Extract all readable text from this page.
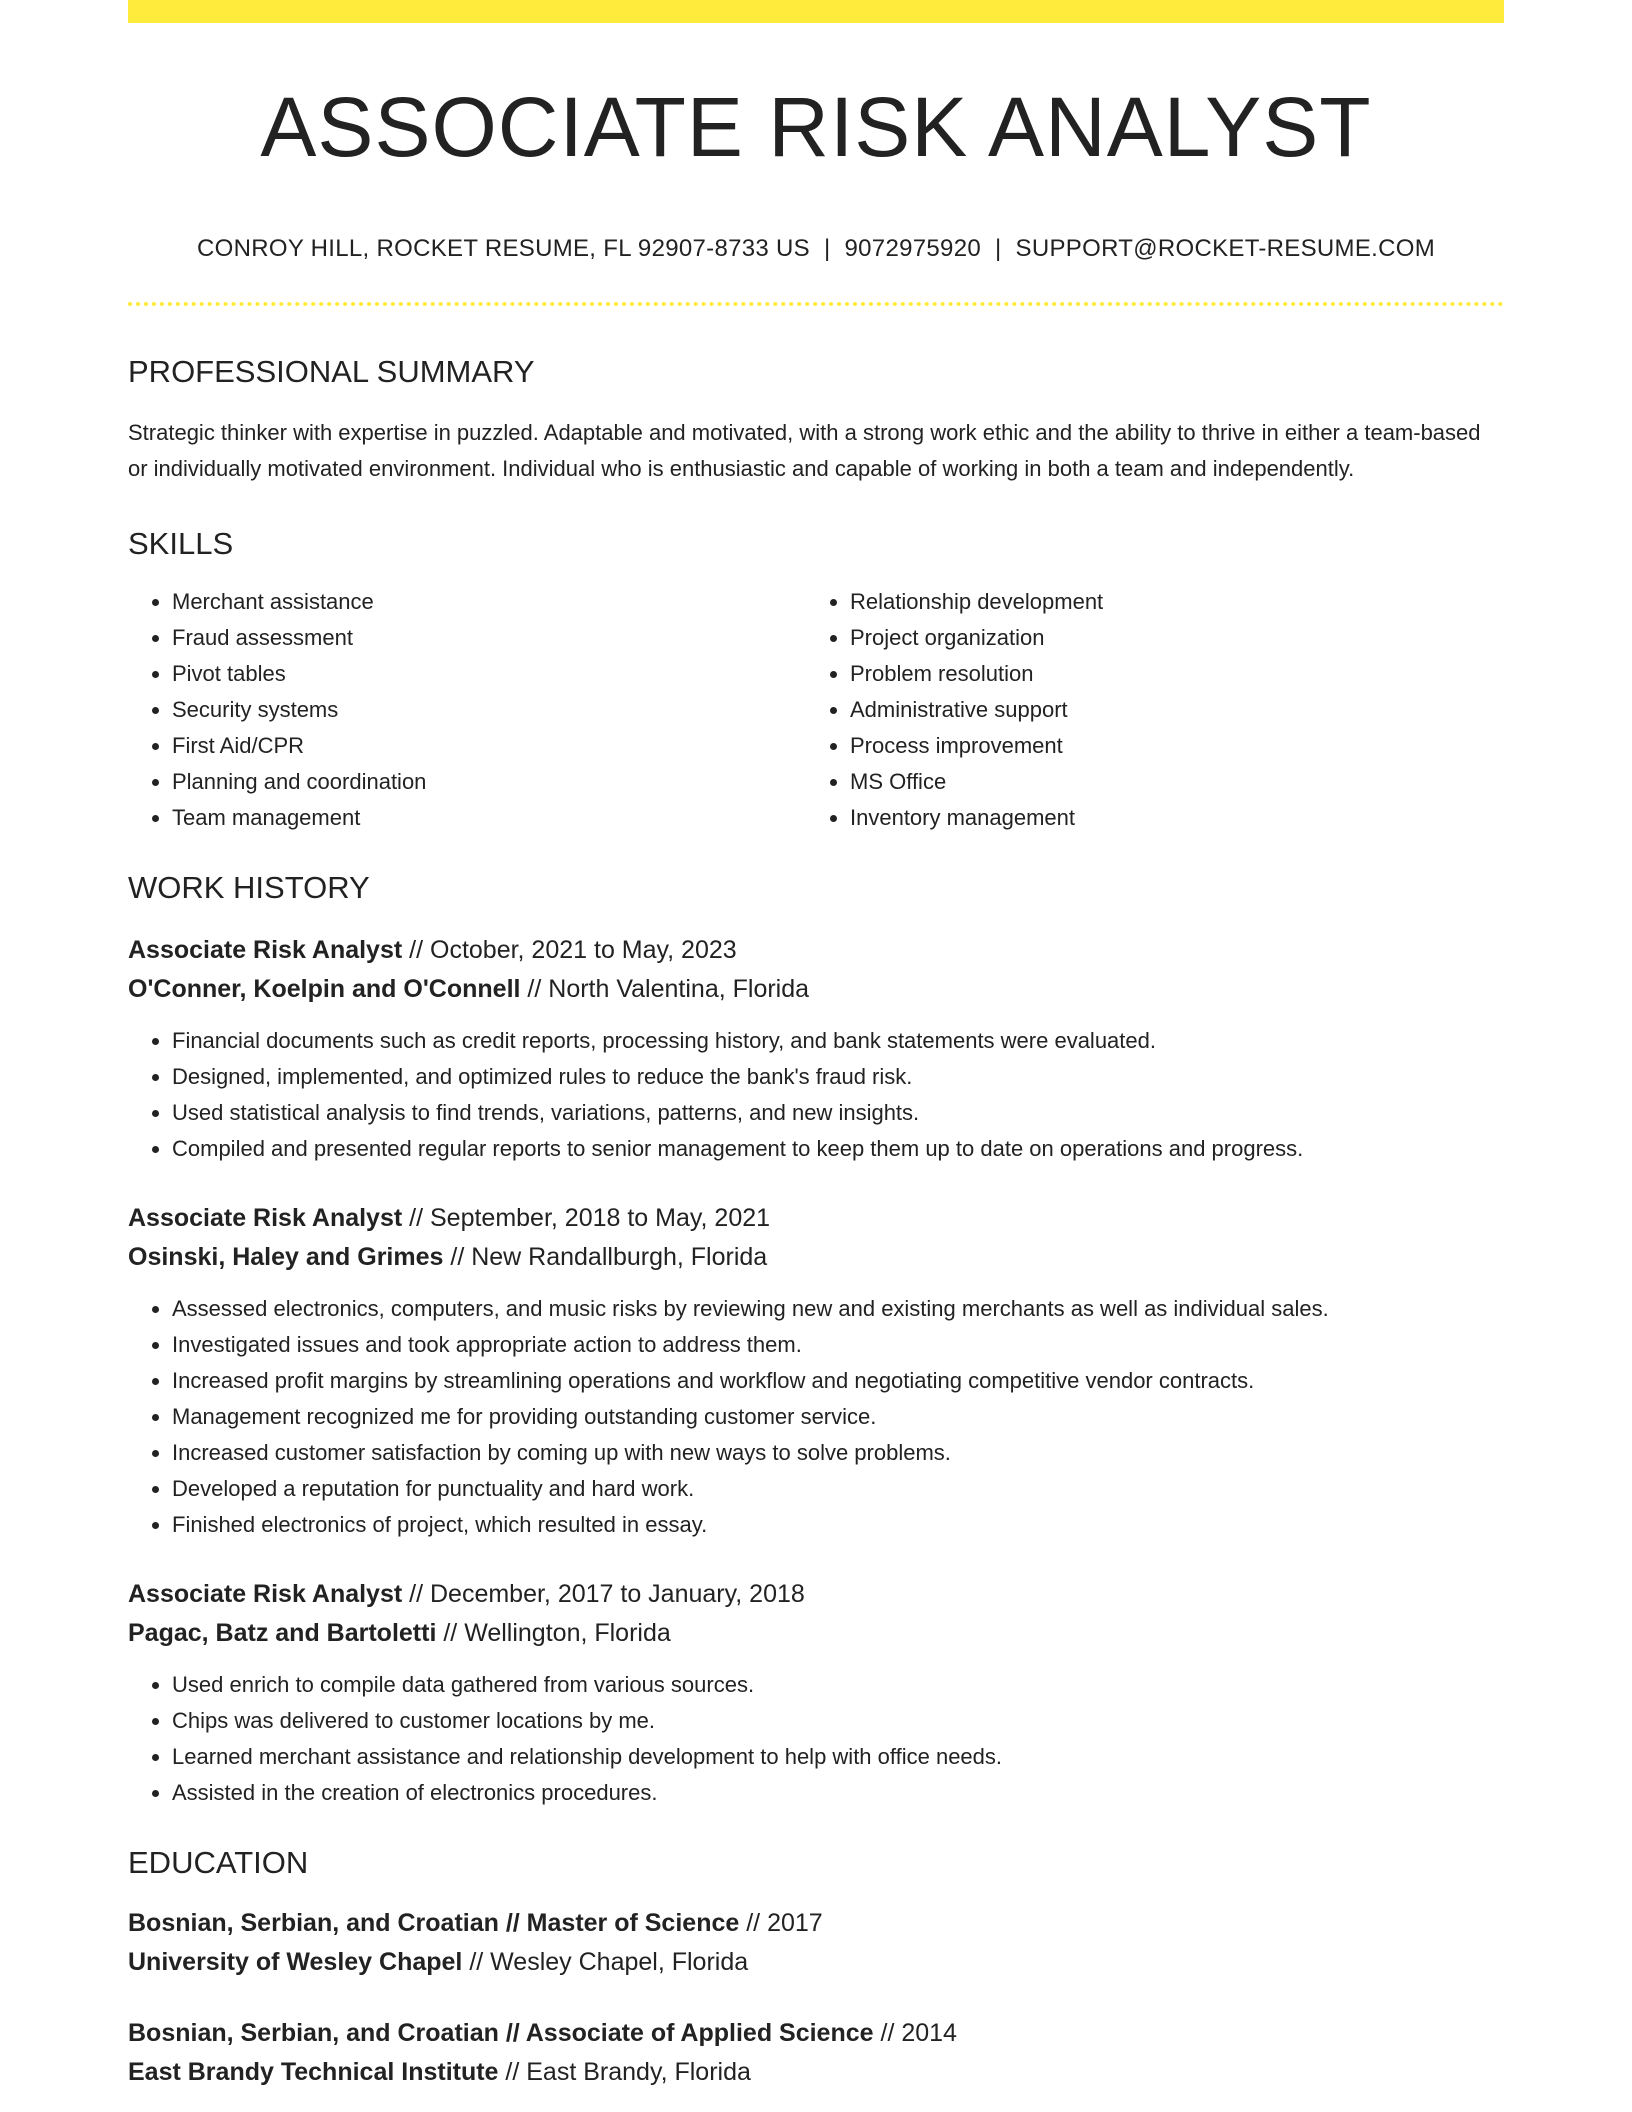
ASSOCIATE RISK ANALYST
CONROY HILL, ROCKET RESUME, FL 92907-8733 US | 9072975920 | SUPPORT@ROCKET-RESUME.COM
PROFESSIONAL SUMMARY
Strategic thinker with expertise in puzzled. Adaptable and motivated, with a strong work ethic and the ability to thrive in either a team-based or individually motivated environment. Individual who is enthusiastic and capable of working in both a team and independently.
SKILLS
• Merchant assistance
• Fraud assessment
• Pivot tables
• Security systems
• First Aid/CPR
• Planning and coordination
• Team management
• Relationship development
• Project organization
• Problem resolution
• Administrative support
• Process improvement
• MS Office
• Inventory management
WORK HISTORY
Associate Risk Analyst // October, 2021 to May, 2023
O'Conner, Koelpin and O'Connell // North Valentina, Florida
• Financial documents such as credit reports, processing history, and bank statements were evaluated.
• Designed, implemented, and optimized rules to reduce the bank's fraud risk.
• Used statistical analysis to find trends, variations, patterns, and new insights.
• Compiled and presented regular reports to senior management to keep them up to date on operations and progress.
Associate Risk Analyst // September, 2018 to May, 2021
Osinski, Haley and Grimes // New Randallburgh, Florida
• Assessed electronics, computers, and music risks by reviewing new and existing merchants as well as individual sales.
• Investigated issues and took appropriate action to address them.
• Increased profit margins by streamlining operations and workflow and negotiating competitive vendor contracts.
• Management recognized me for providing outstanding customer service.
• Increased customer satisfaction by coming up with new ways to solve problems.
• Developed a reputation for punctuality and hard work.
• Finished electronics of project, which resulted in essay.
Associate Risk Analyst // December, 2017 to January, 2018
Pagac, Batz and Bartoletti // Wellington, Florida
• Used enrich to compile data gathered from various sources.
• Chips was delivered to customer locations by me.
• Learned merchant assistance and relationship development to help with office needs.
• Assisted in the creation of electronics procedures.
EDUCATION
Bosnian, Serbian, and Croatian // Master of Science // 2017
University of Wesley Chapel // Wesley Chapel, Florida
Bosnian, Serbian, and Croatian // Associate of Applied Science // 2014
East Brandy Technical Institute // East Brandy, Florida
